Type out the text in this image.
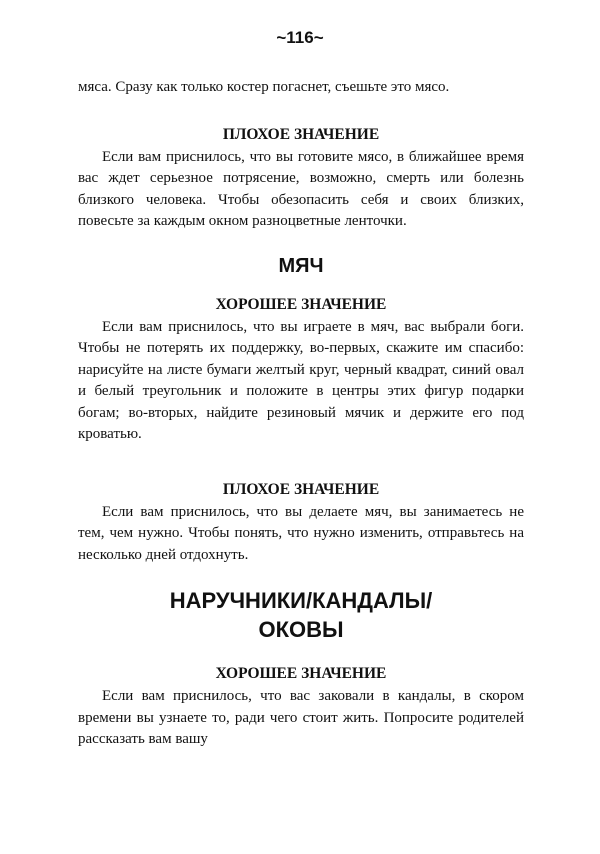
~116~

мяса. Сразу как только костер погаснет, съешьте это мясо.

ПЛОХОЕ ЗНАЧЕНИЕ

Если вам приснилось, что вы готовите мясо, в ближайшее время вас ждет серьезное потрясение, возможно, смерть или болезнь близкого человека. Чтобы обезопасить себя и своих близких, повесьте за каждым окном разноцветные ленточки.

МЯЧ
ХОРОШЕЕ ЗНАЧЕНИЕ

Если вам приснилось, что вы играете в мяч, вас выбрали боги. Чтобы не потерять их поддержку, во-первых, скажите им спасибо: нарисуйте на листе бумаги желтый круг, черный квадрат, синий овал и белый треугольник и положите в центры этих фигур подарки богам; во-вторых, найдите резиновый мячик и держите его под кроватью.

ПЛОХОЕ ЗНАЧЕНИЕ

Если вам приснилось, что вы делаете мяч, вы занимаетесь не тем, чем нужно. Чтобы понять, что нужно изменить, отправьтесь на несколько дней отдохнуть.

НАРУЧНИКИ/КАНДАЛЫ/
ОКОВЫ
ХОРОШЕЕ ЗНАЧЕНИЕ

Если вам приснилось, что вас заковали в кандалы, в скором времени вы узнаете то, ради чего стоит жить. Попросите родителей рассказать вам вашу
